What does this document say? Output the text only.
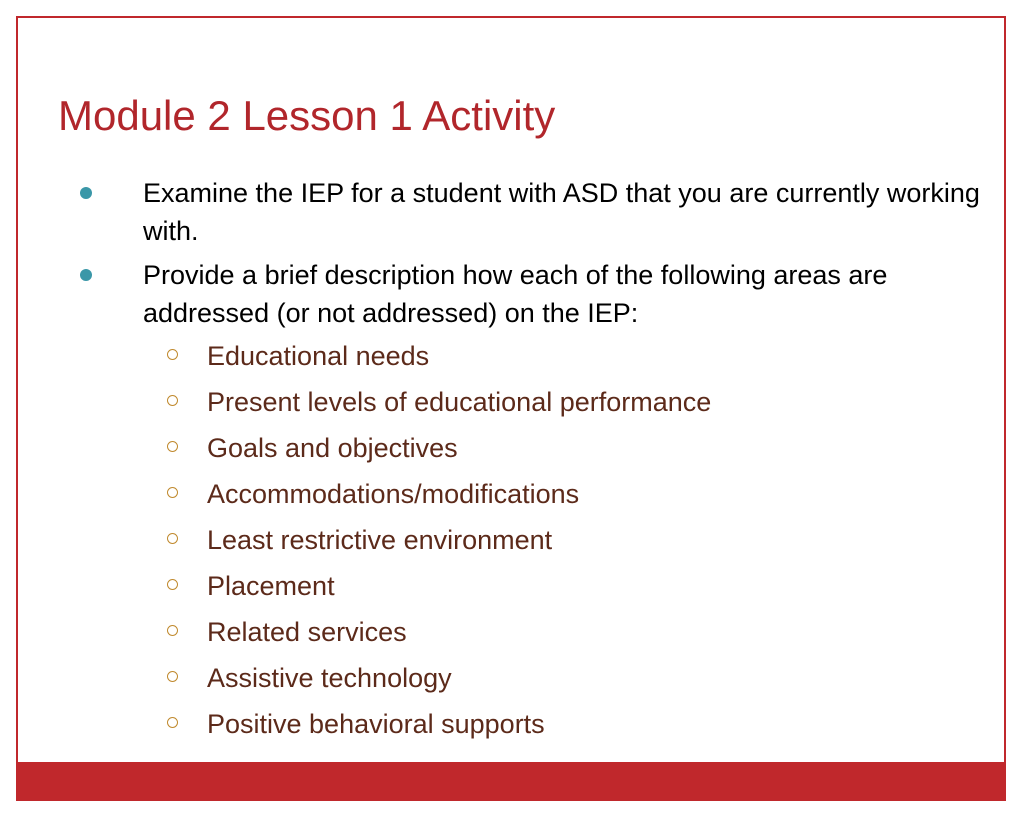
Module 2 Lesson 1 Activity
Examine the IEP for a student with ASD that you are currently working with.
Provide a brief description how each of the following areas are addressed (or not addressed) on the IEP:
Educational needs
Present levels of educational performance
Goals and objectives
Accommodations/modifications
Least restrictive environment
Placement
Related services
Assistive technology
Positive behavioral supports
